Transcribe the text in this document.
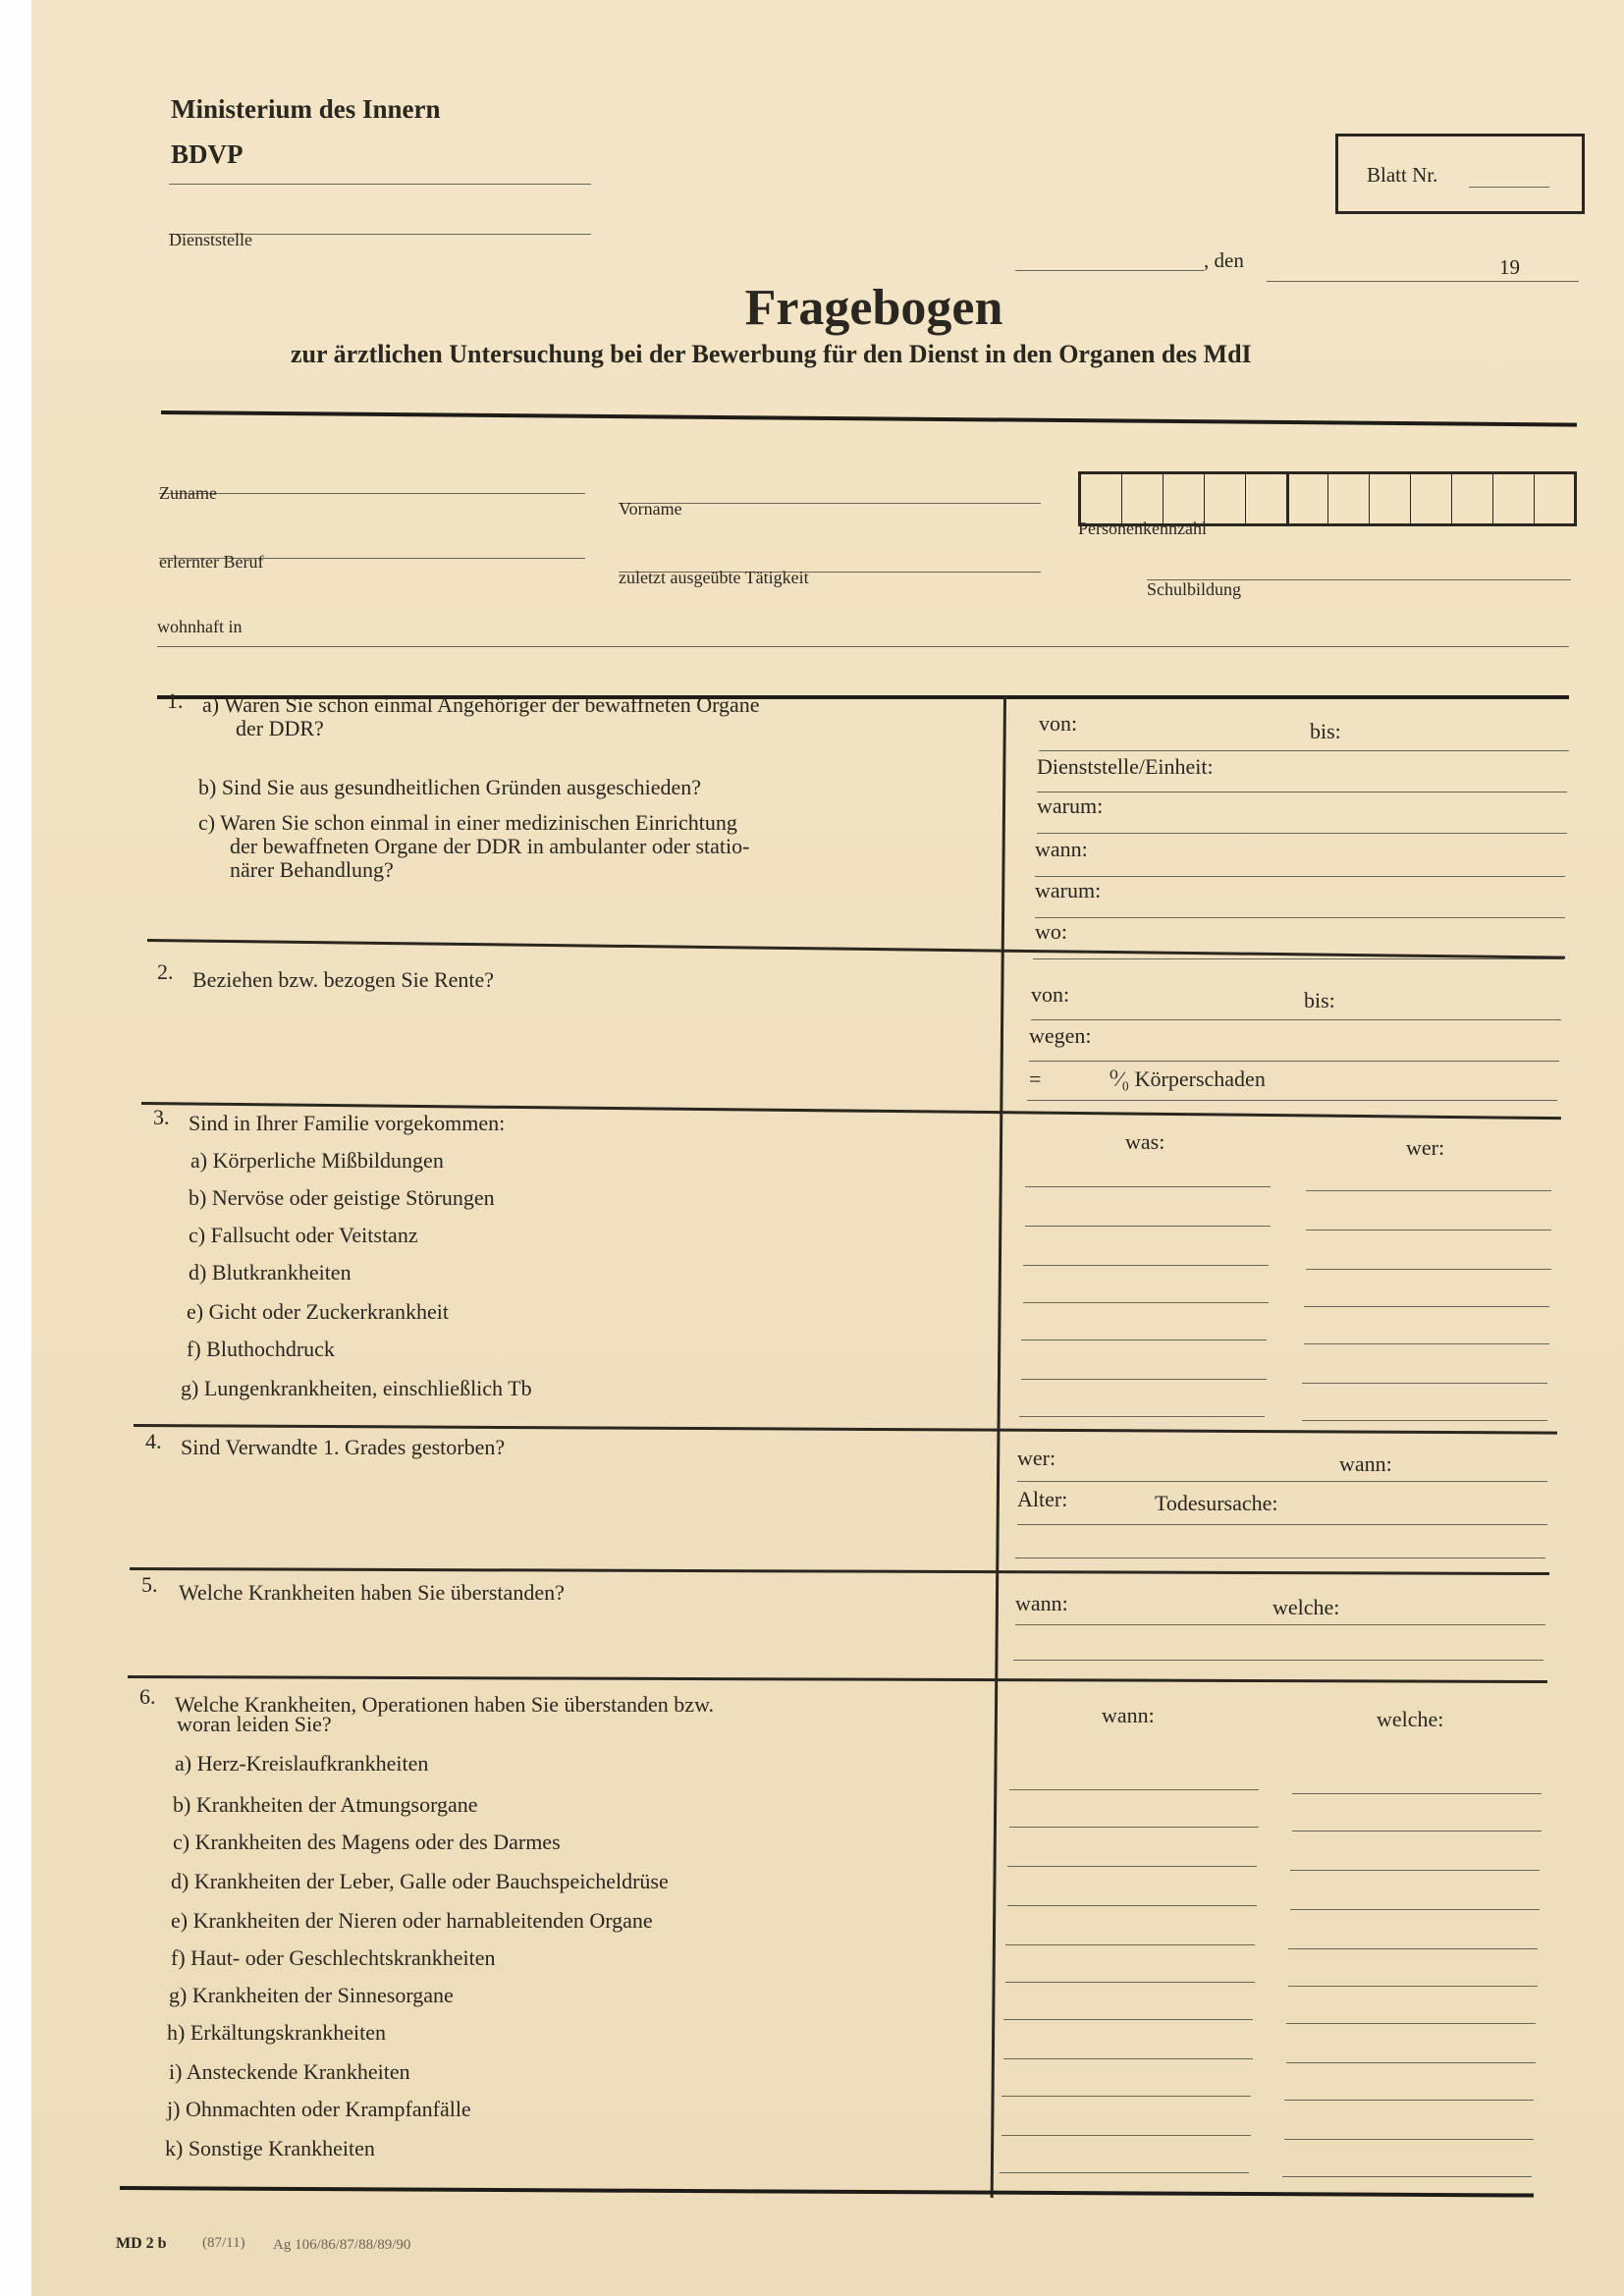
Ministerium des Innern
BDVP
Dienststelle
Blatt Nr.
, den	19
Fragebogen
zur ärztlichen Untersuchung bei der Bewerbung für den Dienst in den Organen des MdI
Zuname
Vorname
Personenkennzahl
erlernter Beruf
zuletzt ausgeübte Tätigkeit
Schulbildung
wohnhaft in
1. a) Waren Sie schon einmal Angehöriger der bewaffneten Organe
der DDR?
b) Sind Sie aus gesundheitlichen Gründen ausgeschieden?
c) Waren Sie schon einmal in einer medizinischen Einrichtung
der bewaffneten Organe der DDR in ambulanter oder statio-
närer Behandlung?
von:	bis:
Dienststelle/Einheit:
warum:
wann:
warum:
wo:
2. Beziehen bzw. bezogen Sie Rente?
von:	bis:
wegen:
=	⁰⁄₀ Körperschaden
3. Sind in Ihrer Familie vorgekommen:
a) Körperliche Mißbildungen
b) Nervöse oder geistige Störungen
c) Fallsucht oder Veitstanz
d) Blutkrankheiten
e) Gicht oder Zuckerkrankheit
f) Bluthochdruck
g) Lungenkrankheiten, einschließlich Tb
was:	wer:
4. Sind Verwandte 1. Grades gestorben?	wer:	wann:
Alter:	Todesursache:
5. Welche Krankheiten haben Sie überstanden?	wann:	welche:
6. Welche Krankheiten, Operationen haben Sie überstanden bzw.
woran leiden Sie?
a) Herz-Kreislaufkrankheiten
b) Krankheiten der Atmungsorgane
c) Krankheiten des Magens oder des Darmes
d) Krankheiten der Leber, Galle oder Bauchspeicheldrüse
e) Krankheiten der Nieren oder harnableitenden Organe
f) Haut- oder Geschlechtskrankheiten
g) Krankheiten der Sinnesorgane
h) Erkältungskrankheiten
i) Ansteckende Krankheiten
j) Ohnmachten oder Krampfanfälle
k) Sonstige Krankheiten
wann:	welche:
MD 2 b (87/11) Ag 106/86/87/88/89/90
